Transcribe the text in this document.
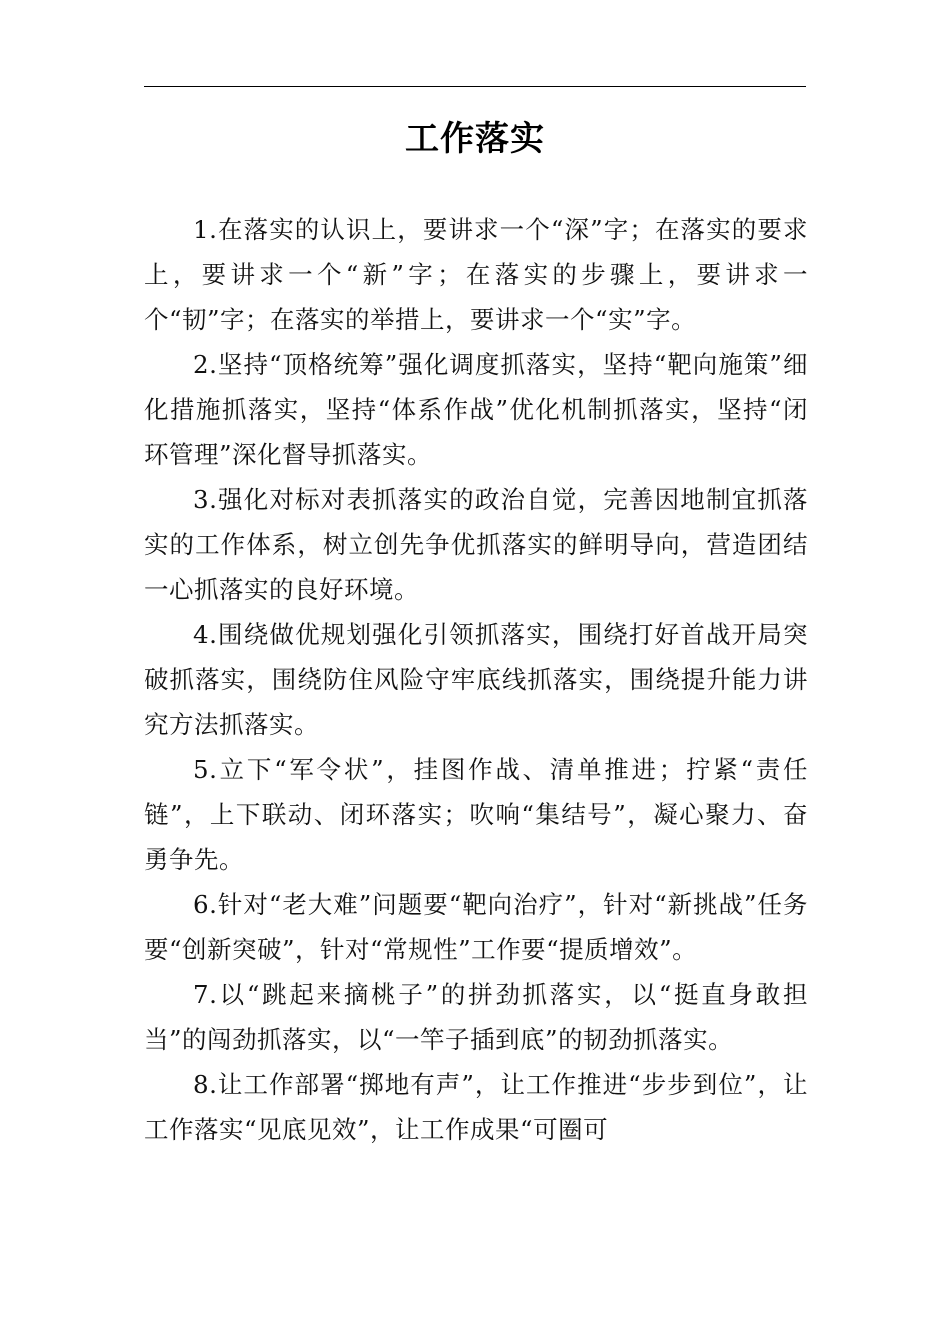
工作落实

1.在落实的认识上，要讲求一个“深”字；在落实的要求上，要讲求一个“新”字；在落实的步骤上，要讲求一个“韧”字；在落实的举措上，要讲求一个“实”字。

2.坚持“顶格统筹”强化调度抓落实，坚持“靶向施策”细化措施抓落实，坚持“体系作战”优化机制抓落实，坚持“闭环管理”深化督导抓落实。

3.强化对标对表抓落实的政治自觉，完善因地制宜抓落实的工作体系，树立创先争优抓落实的鲜明导向，营造团结一心抓落实的良好环境。

4.围绕做优规划强化引领抓落实，围绕打好首战开局突破抓落实，围绕防住风险守牢底线抓落实，围绕提升能力讲究方法抓落实。

5.立下“军令状”，挂图作战、清单推进；拧紧“责任链”，上下联动、闭环落实；吹响“集结号”，凝心聚力、奋勇争先。

6.针对“老大难”问题要“靶向治疗”，针对“新挑战”任务要“创新突破”，针对“常规性”工作要“提质增效”。

7.以“跳起来摘桃子”的拼劲抓落实，以“挺直身敢担当”的闯劲抓落实，以“一竿子插到底”的韧劲抓落实。

8.让工作部署“掷地有声”，让工作推进“步步到位”，让工作落实“见底见效”，让工作成果“可圈可
